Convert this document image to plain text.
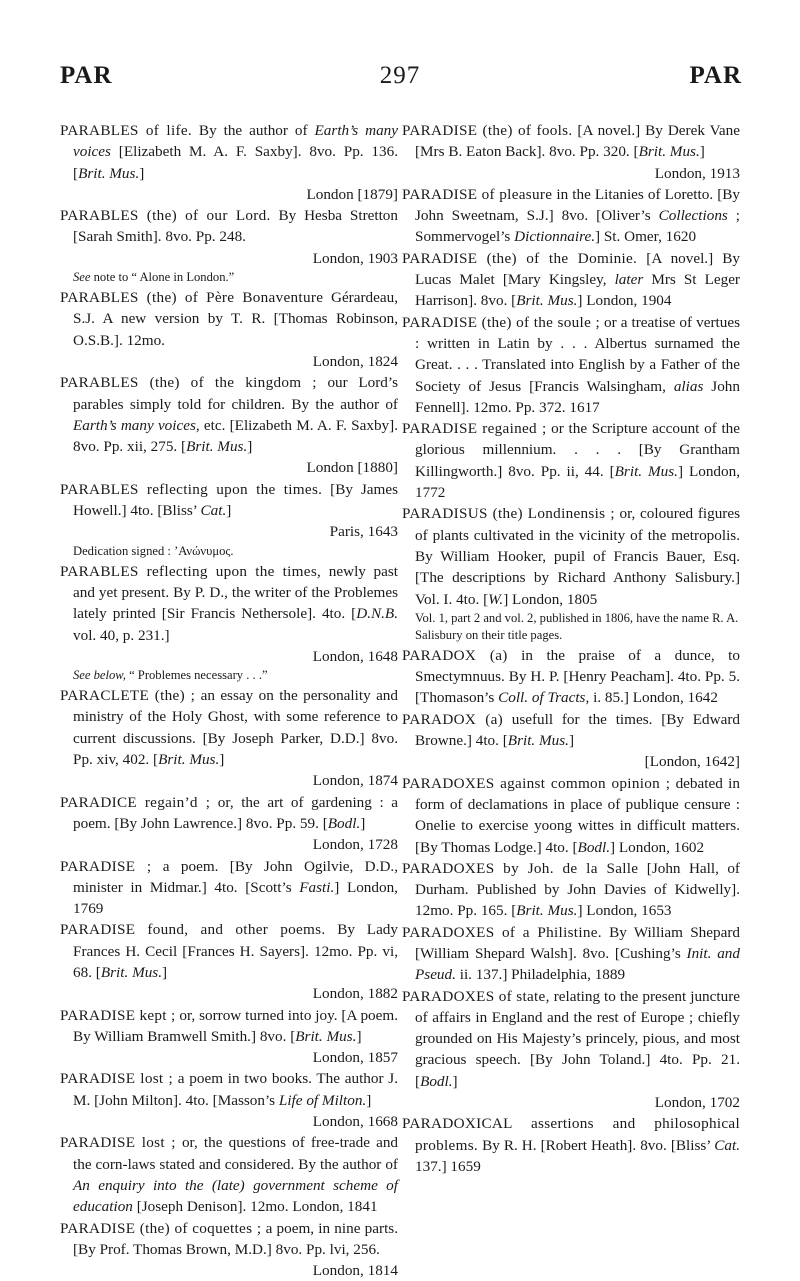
PAR	297	PAR
PARABLES of life. By the author of Earth’s many voices [Elizabeth M. A. F. Saxby]. 8vo. Pp. 136. [Brit. Mus.]
London [1879]
PARABLES (the) of our Lord. By Hesba Stretton [Sarah Smith]. 8vo. Pp. 248.
London, 1903
See note to “ Alone in London.”
PARABLES (the) of Père Bonaventure Gérardeau, S.J. A new version by T. R. [Thomas Robinson, O.S.B.]. 12mo.
London, 1824
PARABLES (the) of the kingdom ; our Lord’s parables simply told for children. By the author of Earth’s many voices, etc. [Elizabeth M. A. F. Saxby]. 8vo. Pp. xii, 275. [Brit. Mus.]
London [1880]
PARABLES reflecting upon the times. [By James Howell.] 4to. [Bliss’ Cat.]
Paris, 1643
Dedication signed : ’Ανώνυμος.
PARABLES reflecting upon the times, newly past and yet present. By P. D., the writer of the Problemes lately printed [Sir Francis Nethersole]. 4to. [D.N.B. vol. 40, p. 231.]
London, 1648
See below, “ Problemes necessary . . .”
PARACLETE (the) ; an essay on the personality and ministry of the Holy Ghost, with some reference to current discussions. [By Joseph Parker, D.D.] 8vo. Pp. xiv, 402. [Brit. Mus.]
London, 1874
PARADICE regain’d ; or, the art of gardening : a poem. [By John Lawrence.] 8vo. Pp. 59. [Bodl.]
London, 1728
PARADISE ; a poem. [By John Ogilvie, D.D., minister in Midmar.] 4to. [Scott’s Fasti.] London, 1769
PARADISE found, and other poems. By Lady Frances H. Cecil [Frances H. Sayers]. 12mo. Pp. vi, 68. [Brit. Mus.]
London, 1882
PARADISE kept ; or, sorrow turned into joy. [A poem. By William Bramwell Smith.] 8vo. [Brit. Mus.]
London, 1857
PARADISE lost ; a poem in two books. The author J. M. [John Milton]. 4to. [Masson’s Life of Milton.]
London, 1668
PARADISE lost ; or, the questions of free-trade and the corn-laws stated and considered. By the author of An enquiry into the (late) government scheme of education [Joseph Denison]. 12mo. London, 1841
PARADISE (the) of coquettes ; a poem, in nine parts. [By Prof. Thomas Brown, M.D.] 8vo. Pp. lvi, 256.
London, 1814
PARADISE (the) of fools. [A novel.] By Derek Vane [Mrs B. Eaton Back]. 8vo. Pp. 320. [Brit. Mus.]
London, 1913
PARADISE of pleasure in the Litanies of Loretto. [By John Sweetnam, S.J.] 8vo. [Oliver’s Collections ; Sommervogel’s Dictionnaire.] St. Omer, 1620
PARADISE (the) of the Dominie. [A novel.] By Lucas Malet [Mary Kingsley, later Mrs St Leger Harrison]. 8vo. [Brit. Mus.] London, 1904
PARADISE (the) of the soule ; or a treatise of vertues : written in Latin by . . . Albertus surnamed the Great. . . . Translated into English by a Father of the Society of Jesus [Francis Walsingham, alias John Fennell]. 12mo. Pp. 372. 1617
PARADISE regained ; or the Scripture account of the glorious millennium. . . . [By Grantham Killingworth.] 8vo. Pp. ii, 44. [Brit. Mus.] London, 1772
PARADISUS (the) Londinensis ; or, coloured figures of plants cultivated in the vicinity of the metropolis. By William Hooker, pupil of Francis Bauer, Esq. [The descriptions by Richard Anthony Salisbury.] Vol. I. 4to. [W.] London, 1805
Vol. 1, part 2 and vol. 2, published in 1806, have the name R. A. Salisbury on their title pages.
PARADOX (a) in the praise of a dunce, to Smectymnuus. By H. P. [Henry Peacham]. 4to. Pp. 5. [Thomason’s Coll. of Tracts, i. 85.] London, 1642
PARADOX (a) usefull for the times. [By Edward Browne.] 4to. [Brit. Mus.]
[London, 1642]
PARADOXES against common opinion ; debated in form of declamations in place of publique censure : Onelie to exercise yoong wittes in difficult matters. [By Thomas Lodge.] 4to. [Bodl.] London, 1602
PARADOXES by Joh. de la Salle [John Hall, of Durham. Published by John Davies of Kidwelly]. 12mo. Pp. 165. [Brit. Mus.] London, 1653
PARADOXES of a Philistine. By William Shepard [William Shepard Walsh]. 8vo. [Cushing’s Init. and Pseud. ii. 137.] Philadelphia, 1889
PARADOXES of state, relating to the present juncture of affairs in England and the rest of Europe ; chiefly grounded on His Majesty’s princely, pious, and most gracious speech. [By John Toland.] 4to. Pp. 21. [Bodl.]
London, 1702
PARADOXICAL assertions and philosophical problems. By R. H. [Robert Heath]. 8vo. [Bliss’ Cat. 137.] 1659
